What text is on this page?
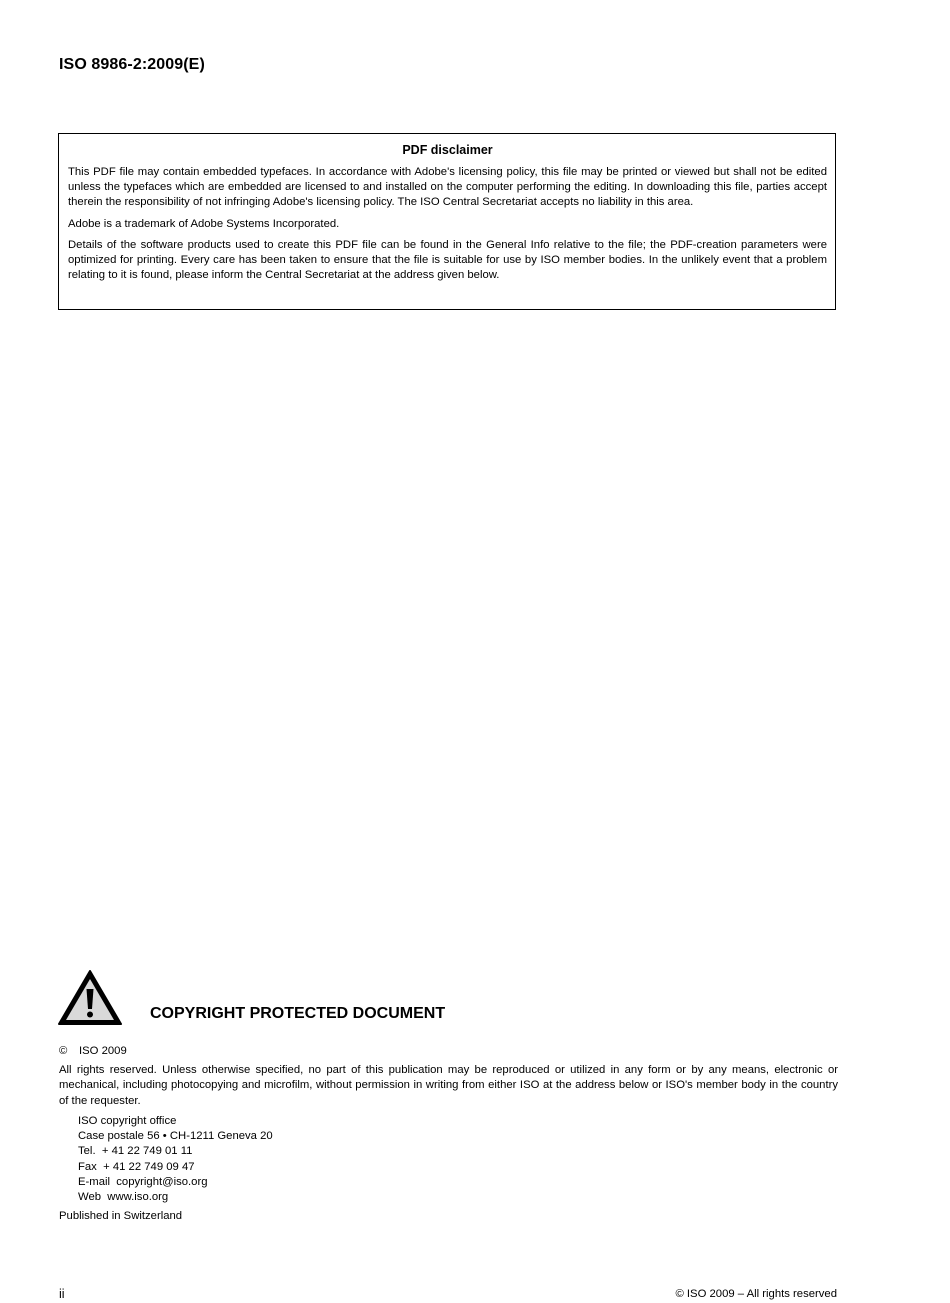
ISO 8986-2:2009(E)
PDF disclaimer

This PDF file may contain embedded typefaces. In accordance with Adobe's licensing policy, this file may be printed or viewed but shall not be edited unless the typefaces which are embedded are licensed to and installed on the computer performing the editing. In downloading this file, parties accept therein the responsibility of not infringing Adobe's licensing policy. The ISO Central Secretariat accepts no liability in this area.

Adobe is a trademark of Adobe Systems Incorporated.

Details of the software products used to create this PDF file can be found in the General Info relative to the file; the PDF-creation parameters were optimized for printing. Every care has been taken to ensure that the file is suitable for use by ISO member bodies. In the unlikely event that a problem relating to it is found, please inform the Central Secretariat at the address given below.

COPYRIGHT PROTECTED DOCUMENT
© ISO 2009
All rights reserved. Unless otherwise specified, no part of this publication may be reproduced or utilized in any form or by any means, electronic or mechanical, including photocopying and microfilm, without permission in writing from either ISO at the address below or ISO's member body in the country of the requester.
ISO copyright office
Case postale 56 • CH-1211 Geneva 20
Tel.  + 41 22 749 01 11
Fax  + 41 22 749 09 47
E-mail  copyright@iso.org
Web  www.iso.org
Published in Switzerland
ii	© ISO 2009 – All rights reserved
